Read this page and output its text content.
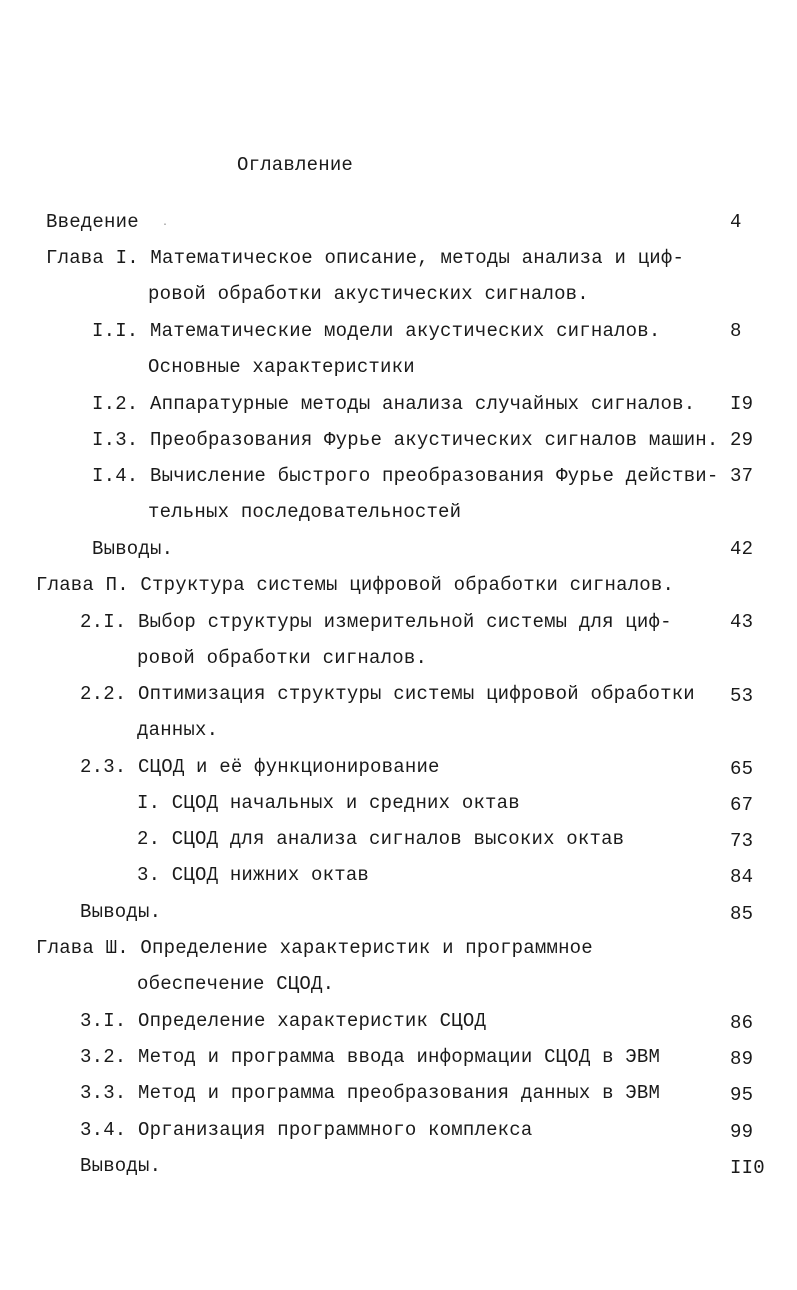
Оглавление
Введение ·	4
Глава I. Математическое описание, методы анализа и циф-
ровой обработки акустических сигналов.
I.I. Математические модели акустических сигналов.	8
Основные характеристики
I.2. Аппаратурные методы анализа случайных сигналов. I9
I.3. Преобразования Фурье акустических сигналов машин. 29
I.4. Вычисление быстрого преобразования Фурье действи- 37
тельных последовательностей
Выводы.	42
Глава П. Структура системы цифровой обработки сигналов.
2.I. Выбор структуры измерительной системы для циф-	43
ровой обработки сигналов.
2.2. Оптимизация структуры системы цифровой обработки 53
данных.
2.3. СЦОД и её функционирование	65
I. СЦОД начальных и средних октав	67
2. СЦОД для анализа сигналов высоких октав	73
3. СЦОД нижних октав	84
Выводы.	85
Глава Ш. Определение характеристик и программное
обеспечение СЦОД.
3.I. Определение характеристик СЦОД	86
3.2. Метод и программа ввода информации СЦОД в ЭВМ	89
3.3. Метод и программа преобразования данных в ЭВМ	95
3.4. Организация программного комплекса	99
Выводы.	II0
